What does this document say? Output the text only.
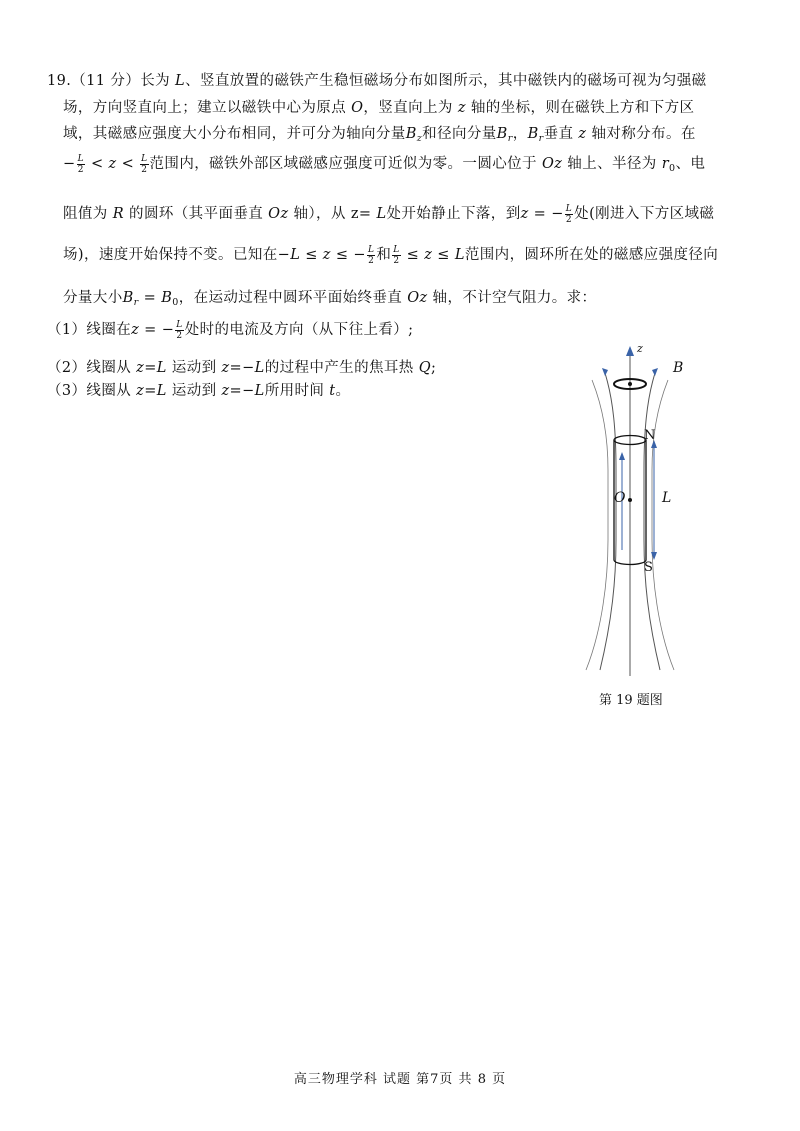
19.（11 分）长为 L、竖直放置的磁铁产生稳恒磁场分布如图所示，其中磁铁内的磁场可视为匀强磁
场，方向竖直向上；建立以磁铁中心为原点 O，竖直向上为 z 轴的坐标，则在磁铁上方和下方区
域，其磁感应强度大小分布相同，并可分为轴向分量$B_z$和径向分量$B_r$，$B_r$垂直 z 轴对称分布。在
− $\frac{L}{2} < z < \frac{L}{2}$ 范围内，磁铁外部区域磁感应强度可近似为零。一圆心位于 Oz 轴上、半径为 $r_0$、电
阻值为 R 的圆环（其平面垂直 Oz 轴），从 z= L处开始静止下落，到z = − $\frac{L}{2}$ 处(刚进入下方区域磁
场)，速度开始保持不变。已知在−L ≤ z ≤ − $\frac{L}{2}$ 和 $\frac{L}{2} \le z \le L$范围内，圆环所在处的磁感应强度径向
分量大小$B_r = B_0$，在运动过程中圆环平面始终垂直 Oz 轴，不计空气阻力。求：
（1）线圈在z = − $\frac{L}{2}$ 处时的电流及方向（从下往上看）;
（2）线圈从 z=L 运动到 z=−L的过程中产生的焦耳热 Q;
（3）线圈从 z=L 运动到 z=−L所用时间 t。
z
B
N
O	L
S
第 19 题图
高三物理学科 试题 第7页 共 8 页
